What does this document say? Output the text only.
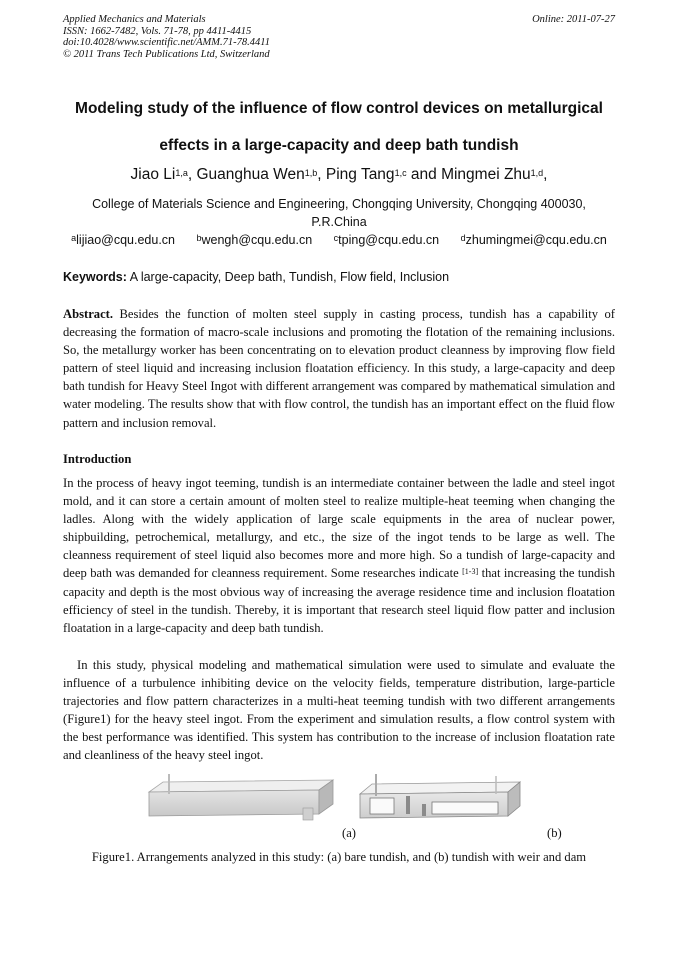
Applied Mechanics and Materials
ISSN: 1662-7482, Vols. 71-78, pp 4411-4415
doi:10.4028/www.scientific.net/AMM.71-78.4411
© 2011 Trans Tech Publications Ltd, Switzerland
Online: 2011-07-27
Modeling study of the influence of flow control devices on metallurgical
effects in a large-capacity and deep bath tundish
Jiao Li$^{1,a}$, Guanghua Wen$^{1,b}$, Ping Tang$^{1,c}$ and Mingmei Zhu$^{1,d}$,
College of Materials Science and Engineering, Chongqing University, Chongqing 400030,
P.R.China
$^a$lijiao@cqu.edu.cn $^b$wengh@cqu.edu.cn $^c$tping@cqu.edu.cn $^d$zhumingmei@cqu.edu.cn
Keywords: A large-capacity, Deep bath, Tundish, Flow field, Inclusion
Abstract. Besides the function of molten steel supply in casting process, tundish has a capability of decreasing the formation of macro-scale inclusions and promoting the flotation of the remaining inclusions. So, the metallurgy worker has been concentrating on to elevation product cleanness by improving flow field pattern of steel liquid and increasing inclusion floatation efficiency. In this study, a large-capacity and deep bath tundish for Heavy Steel Ingot with different arrangement was compared by mathematical simulation and water modeling. The results show that with flow control, the tundish has an important effect on the fluid flow pattern and inclusion removal.
Introduction
In the process of heavy ingot teeming, tundish is an intermediate container between the ladle and steel ingot mold, and it can store a certain amount of molten steel to realize multiple-heat teeming when changing the ladles. Along with the widely application of large scale equipments in the area of nuclear power, shipbuilding, petrochemical, metallurgy, and etc., the size of the ingot tends to be large as well. The cleanness requirement of steel liquid also becomes more and more high. So a tundish of large-capacity and deep bath was demanded for cleanness requirement. Some researches indicate [1-3] that increasing the tundish capacity and depth is the most obvious way of increasing the average residence time and inclusion floatation efficiency of steel in the tundish. Thereby, it is important that research steel liquid flow patter and inclusion floatation in a large-capacity and deep bath tundish.
In this study, physical modeling and mathematical simulation were used to simulate and evaluate the influence of a turbulence inhibiting device on the velocity fields, temperature distribution, large-particle trajectories and flow pattern characterizes in a multi-heat teeming tundish with two different arrangements (Figure1) for the heavy steel ingot. From the experiment and simulation results, a flow control system with the best performance was identified. This system has contribution to the increase of inclusion floatation rate and cleanliness of the heavy steel ingot.
(a)	(b)
Figure1. Arrangements analyzed in this study: (a) bare tundish, and (b) tundish with weir and dam
